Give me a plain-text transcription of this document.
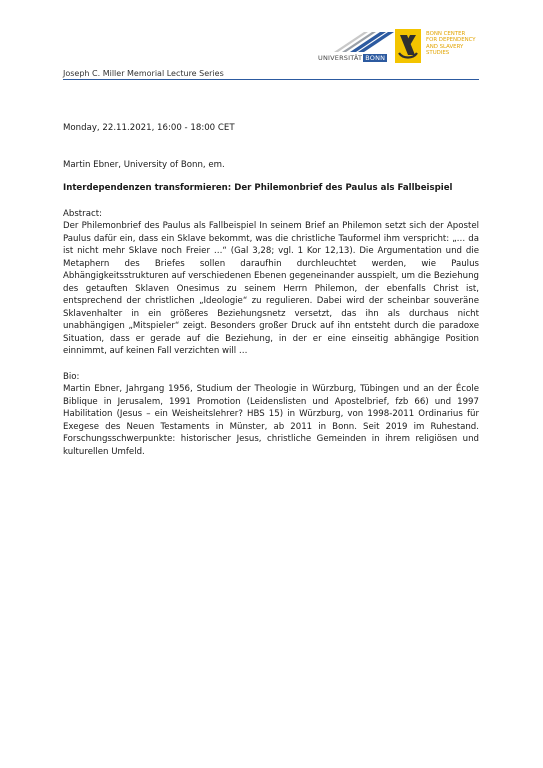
UNIVERSITÄT BONN
BONN CENTER
FOR DEPENDENCY
AND SLAVERY
STUDIES
Joseph C. Miller Memorial Lecture Series

Monday, 22.11.2021, 16:00 - 18:00 CET

Martin Ebner, University of Bonn, em.

Interdependenzen transformieren: Der Philemonbrief des Paulus als Fallbeispiel

Abstract:

Der Philemonbrief des Paulus als Fallbeispiel In seinem Brief an Philemon setzt sich der Apostel Paulus dafür ein, dass ein Sklave bekommt, was die christliche Tauformel ihm verspricht: „… da ist nicht mehr Sklave noch Freier …“ (Gal 3,28; vgl. 1 Kor 12,13). Die Argumentation und die Metaphern des Briefes sollen daraufhin durchleuchtet werden, wie Paulus Abhängigkeitsstrukturen auf verschiedenen Ebenen gegeneinander ausspielt, um die Beziehung des getauften Sklaven Onesimus zu seinem Herrn Philemon, der ebenfalls Christ ist, entsprechend der christlichen „Ideologie“ zu regulieren. Dabei wird der scheinbar souveräne Sklavenhalter in ein größeres Beziehungsnetz versetzt, das ihn als durchaus nicht unabhängigen „Mitspieler“ zeigt. Besonders großer Druck auf ihn entsteht durch die paradoxe Situation, dass er gerade auf die Beziehung, in der er eine einseitig abhängige Position einnimmt, auf keinen Fall verzichten will …

Bio:

Martin Ebner, Jahrgang 1956, Studium der Theologie in Würzburg, Tübingen und an der École Biblique in Jerusalem, 1991 Promotion (Leidenslisten und Apostelbrief, fzb 66) und 1997 Habilitation (Jesus – ein Weisheitslehrer? HBS 15) in Würzburg, von 1998-2011 Ordinarius für Exegese des Neuen Testaments in Münster, ab 2011 in Bonn. Seit 2019 im Ruhestand. Forschungsschwerpunkte: historischer Jesus, christliche Gemeinden in ihrem religiösen und kulturellen Umfeld.
